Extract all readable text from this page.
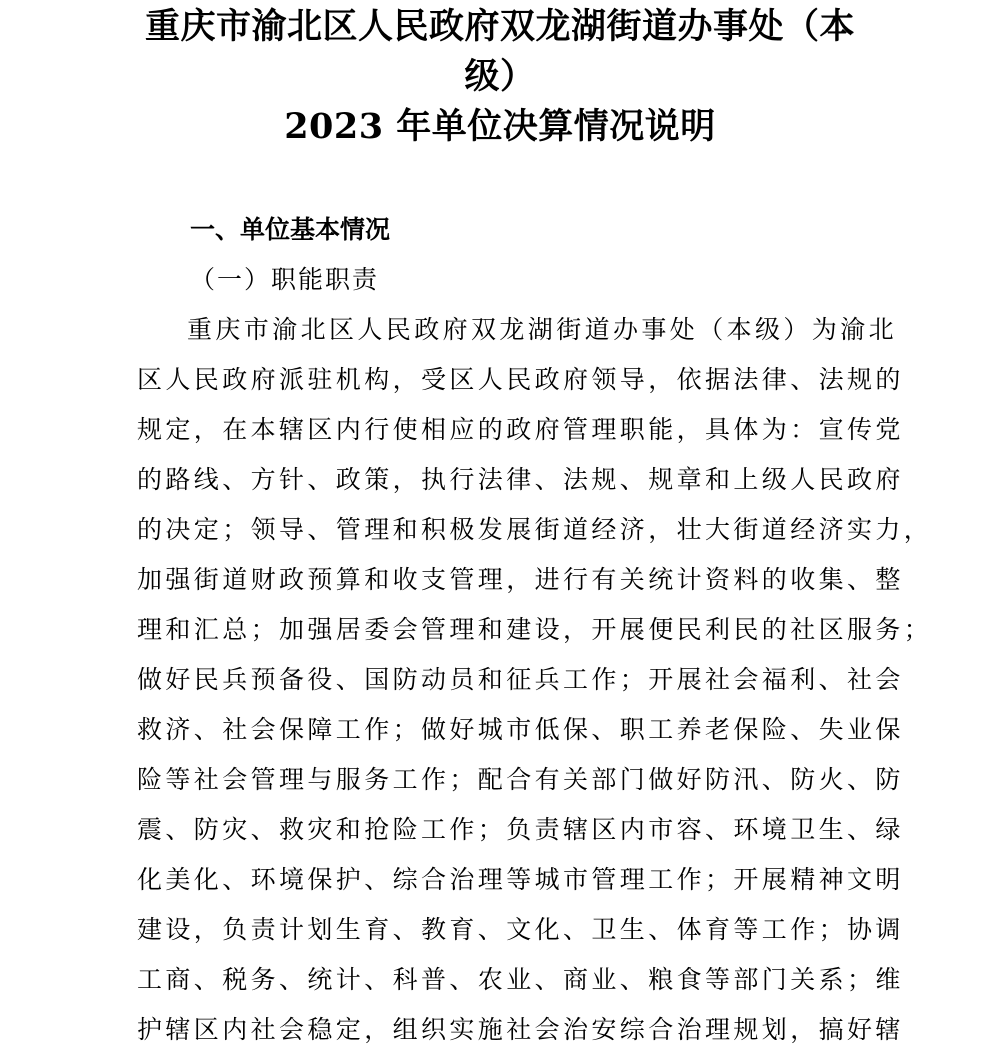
重庆市渝北区人民政府双龙湖街道办事处（本
级）
2023 年单位决算情况说明
一、单位基本情况
（一）职能职责
重庆市渝北区人民政府双龙湖街道办事处（本级）为渝北
区人民政府派驻机构，受区人民政府领导，依据法律、法规的
规定，在本辖区内行使相应的政府管理职能，具体为：宣传党
的路线、方针、政策，执行法律、法规、规章和上级人民政府
的决定；领导、管理和积极发展街道经济，壮大街道经济实力，
加强街道财政预算和收支管理，进行有关统计资料的收集、整
理和汇总；加强居委会管理和建设，开展便民利民的社区服务；
做好民兵预备役、国防动员和征兵工作；开展社会福利、社会
救济、社会保障工作；做好城市低保、职工养老保险、失业保
险等社会管理与服务工作；配合有关部门做好防汛、防火、防
震、防灾、救灾和抢险工作；负责辖区内市容、环境卫生、绿
化美化、环境保护、综合治理等城市管理工作；开展精神文明
建设，负责计划生育、教育、文化、卫生、体育等工作；协调
工商、税务、统计、科普、农业、商业、粮食等部门关系；维
护辖区内社会稳定，组织实施社会治安综合治理规划，搞好辖
